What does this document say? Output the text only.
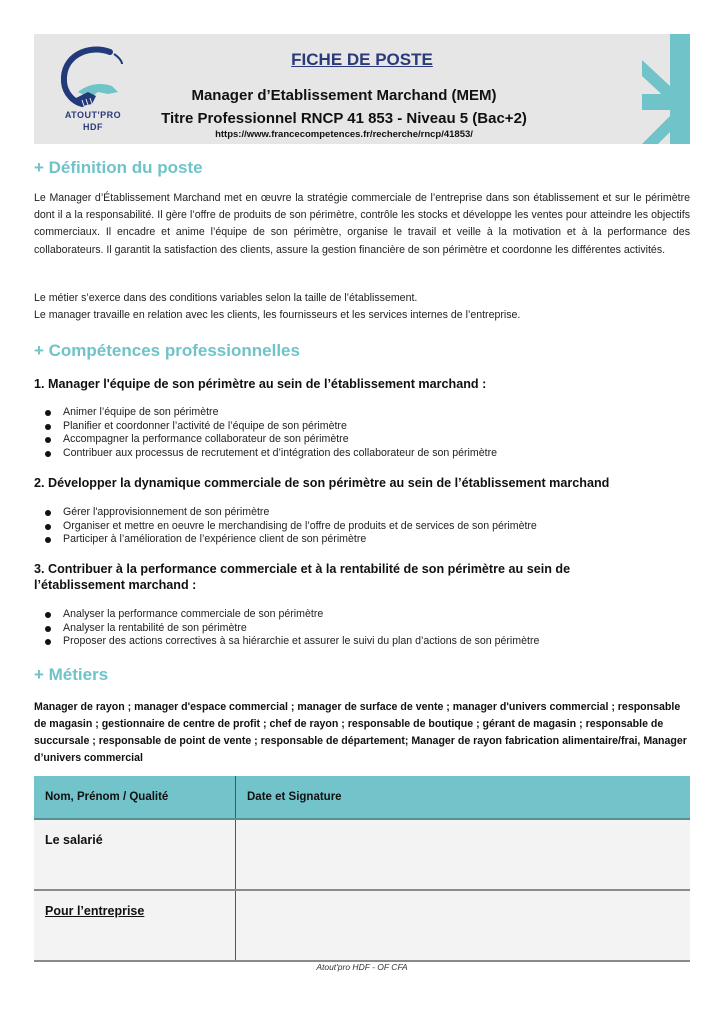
ATOUT'PRO
HDF
FICHE DE POSTE
Manager d’Etablissement Marchand (MEM)
Titre Professionnel RNCP 41 853 - Niveau 5 (Bac+2)
https://www.francecompetences.fr/recherche/rncp/41853/
+ Définition du poste
Le Manager d’Établissement Marchand met en œuvre la stratégie commerciale de l’entreprise dans son établissement et sur le périmètre dont il a la responsabilité. Il gère l’offre de produits de son périmètre, contrôle les stocks et développe les ventes pour atteindre les objectifs commerciaux. Il encadre et anime l’équipe de son périmètre, organise le travail et veille à la motivation et à la performance des collaborateurs. Il garantit la satisfaction des clients, assure la gestion financière de son périmètre et coordonne les différentes activités.
Le métier s’exerce dans des conditions variables selon la taille de l’établissement.
Le manager travaille en relation avec les clients, les fournisseurs et les services internes de l’entreprise.
+ Compétences professionnelles
1. Manager l'équipe de son périmètre au sein de l’établissement marchand :
Animer l’équipe de son périmètre
Planifier et coordonner l’activité de l’équipe de son périmètre
Accompagner la performance collaborateur de son périmètre
Contribuer aux processus de recrutement et d’intégration des collaborateur de son périmètre
2. Développer la dynamique commerciale de son périmètre au sein de l’établissement marchand
Gérer l'approvisionnement de son périmètre
Organiser et mettre en oeuvre le merchandising de l’offre de produits et de services de son périmètre
Participer à l’amélioration de l’expérience client de son périmètre
3. Contribuer à la performance commerciale et à la rentabilité de son périmètre au sein de l’établissement marchand :
Analyser la performance commerciale de son périmètre
Analyser la rentabilité de son périmètre
Proposer des actions correctives à sa hiérarchie et assurer le suivi du plan d’actions de son périmètre
+ Métiers
Manager de rayon ; manager d'espace commercial ; manager de surface de vente ; manager d'univers commercial ; responsable de magasin ; gestionnaire de centre de profit ; chef de rayon ; responsable de boutique ; gérant de magasin ; responsable de succursale ; responsable de point de vente ; responsable de département; Manager de rayon fabrication alimentaire/frai, Manager d’univers commercial
Nom, Prénom / Qualité	Date et Signature
Le salarié	
Pour l’entreprise	
Atout'pro HDF - OF CFA
